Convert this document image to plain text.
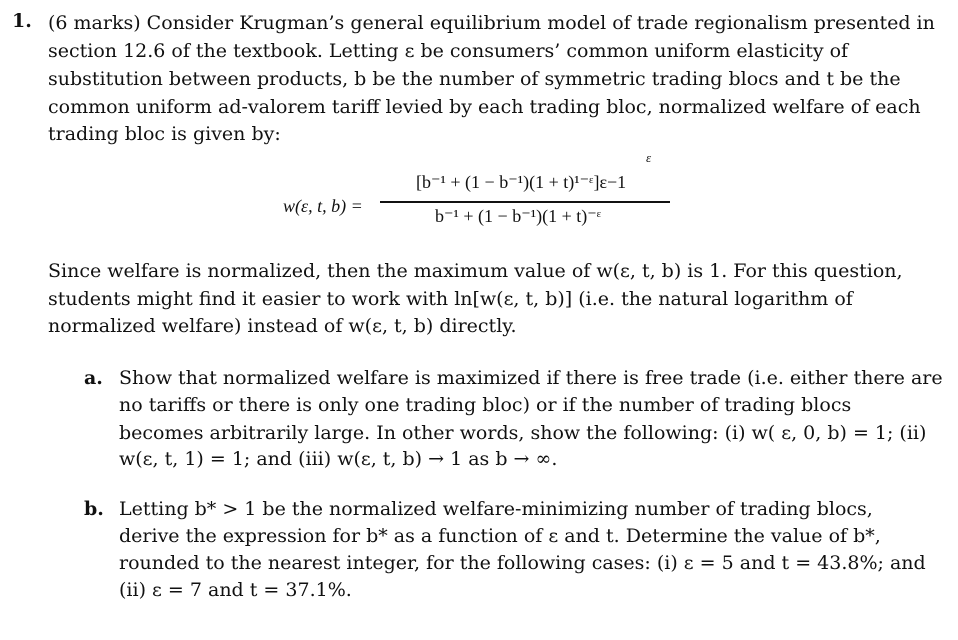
1. (6 marks) Consider Krugman’s general equilibrium model of trade regionalism presented in
section 12.6 of the textbook. Letting ε be consumers’ common uniform elasticity of
substitution between products, b be the number of symmetric trading blocs and t be the
common uniform ad-valorem tariff levied by each trading bloc, normalized welfare of each
trading bloc is given by:
w(ε, t, b) =
ε
[b⁻¹ + (1 − b⁻¹)(1 + t)¹⁻ᵋ]ε−1
b⁻¹ + (1 − b⁻¹)(1 + t)⁻ᵋ
Since welfare is normalized, then the maximum value of w(ε, t, b) is 1. For this question,
students might find it easier to work with ln[w(ε, t, b)] (i.e. the natural logarithm of
normalized welfare) instead of w(ε, t, b) directly.
a. Show that normalized welfare is maximized if there is free trade (i.e. either there are
no tariffs or there is only one trading bloc) or if the number of trading blocs
becomes arbitrarily large. In other words, show the following: (i) w( ε, 0, b) = 1; (ii)
w(ε, t, 1) = 1; and (iii) w(ε, t, b) → 1 as b → ∞.
b. Letting b* > 1 be the normalized welfare-minimizing number of trading blocs,
derive the expression for b* as a function of ε and t. Determine the value of b*,
rounded to the nearest integer, for the following cases: (i) ε = 5 and t = 43.8%; and
(ii) ε = 7 and t = 37.1%.
